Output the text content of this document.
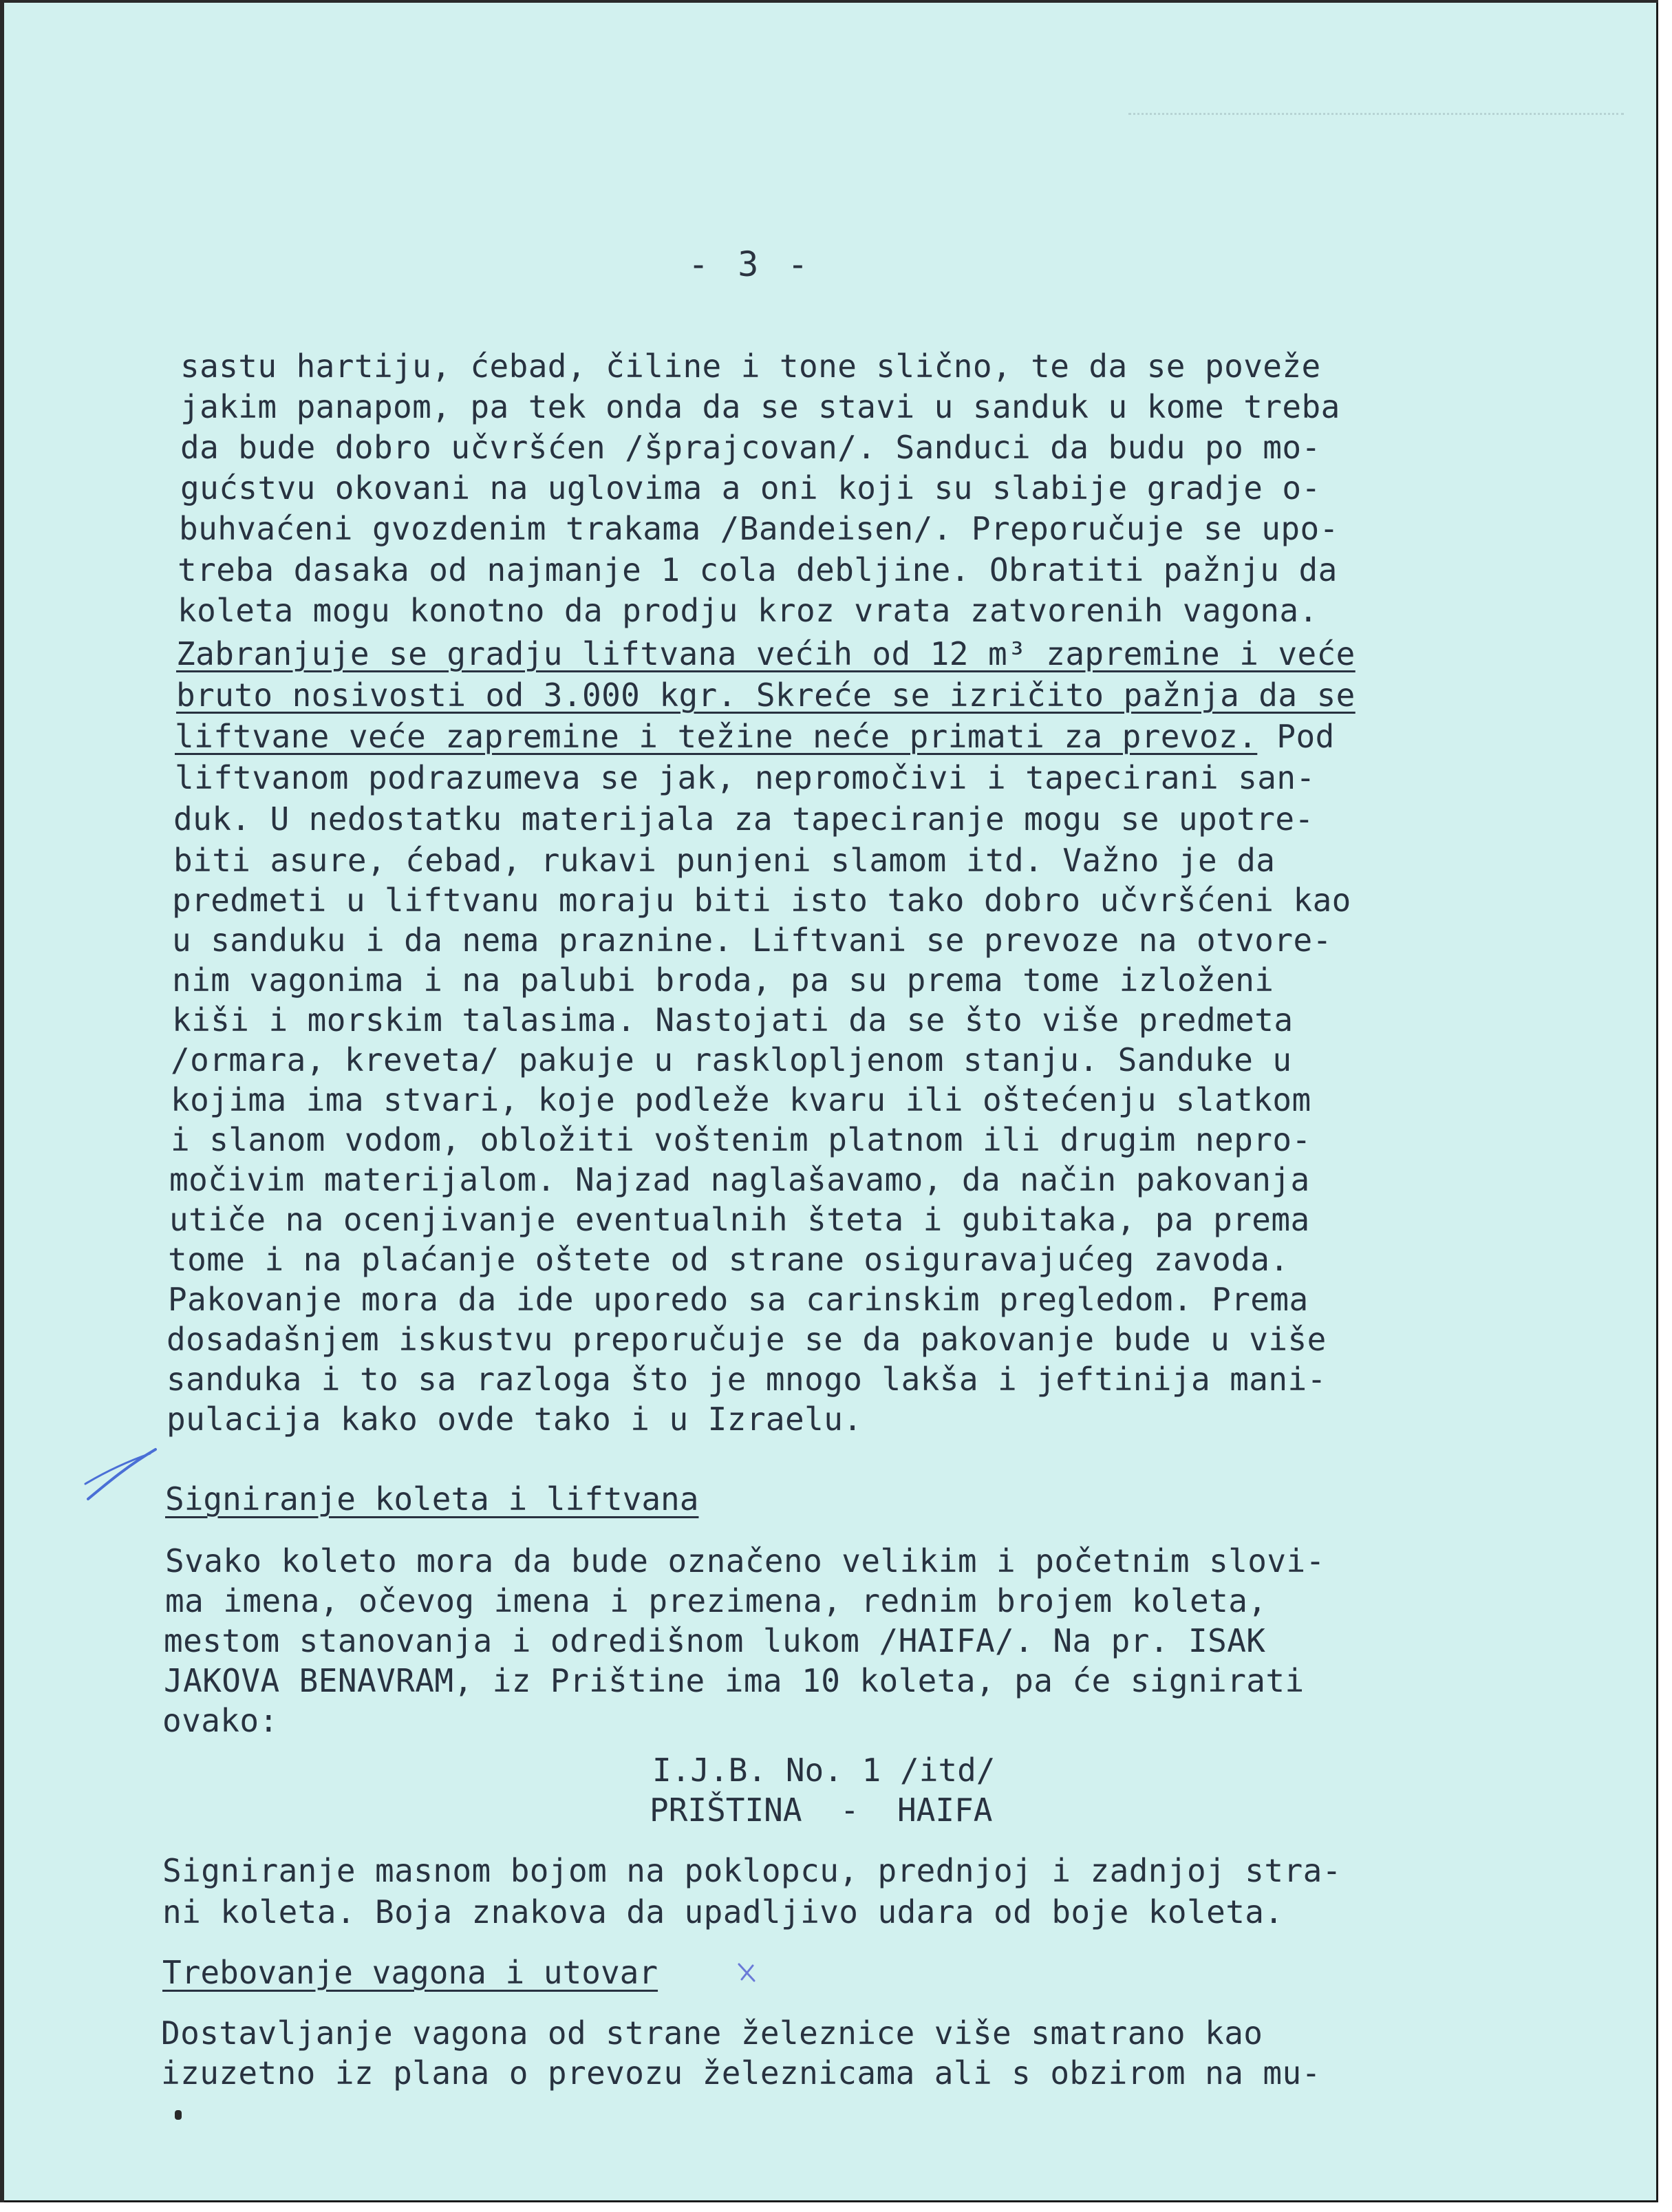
- 3 -
sastu hartiju, ćebad, čiline i tone slično, te da se poveže
jakim panapom, pa tek onda da se stavi u sanduk u kome treba
da bude dobro učvršćen /šprajcovan/. Sanduci da budu po mo-
gućstvu okovani na uglovima a oni koji su slabije gradje o-
buhvaćeni gvozdenim trakama /Bandeisen/. Preporučuje se upo-
treba dasaka od najmanje 1 cola debljine. Obratiti pažnju da
koleta mogu konotno da prodju kroz vrata zatvorenih vagona.
Zabranjuje se gradju liftvana većih od 12 m³ zapremine i veće
bruto nosivosti od 3.000 kgr. Skreće se izričito pažnja da se
liftvane veće zapremine i težine neće primati za prevoz. Pod
liftvanom podrazumeva se jak, nepromočivi i tapecirani san-
duk. U nedostatku materijala za tapeciranje mogu se upotre-
biti asure, ćebad, rukavi punjeni slamom itd. Važno je da
predmeti u liftvanu moraju biti isto tako dobro učvršćeni kao
u sanduku i da nema praznine. Liftvani se prevoze na otvore-
nim vagonima i na palubi broda, pa su prema tome izloženi
kiši i morskim talasima. Nastojati da se što više predmeta
/ormara, kreveta/ pakuje u rasklopljenom stanju. Sanduke u
kojima ima stvari, koje podleže kvaru ili oštećenju slatkom
i slanom vodom, obložiti voštenim platnom ili drugim nepro-
močivim materijalom. Najzad naglašavamo, da način pakovanja
utiče na ocenjivanje eventualnih šteta i gubitaka, pa prema
tome i na plaćanje oštete od strane osiguravajućeg zavoda.
Pakovanje mora da ide uporedo sa carinskim pregledom. Prema
dosadašnjem iskustvu preporučuje se da pakovanje bude u više
sanduka i to sa razloga što je mnogo lakša i jeftinija mani-
pulacija kako ovde tako i u Izraelu.
Signiranje koleta i liftvana
Svako koleto mora da bude označeno velikim i početnim slovi-
ma imena, očevog imena i prezimena, rednim brojem koleta,
mestom stanovanja i odredišnom lukom /HAIFA/. Na pr. ISAK
JAKOVA BENAVRAM, iz Prištine ima 10 koleta, pa će signirati
ovako:
I.J.B. No. 1 /itd/
PRIŠTINA  -  HAIFA
Signiranje masnom bojom na poklopcu, prednjoj i zadnjoj stra-
ni koleta. Boja znakova da upadljivo udara od boje koleta.
Trebovanje vagona i utovar
Dostavljanje vagona od strane železnice više smatrano kao
izuzetno iz plana o prevozu železnicama ali s obzirom na mu-
